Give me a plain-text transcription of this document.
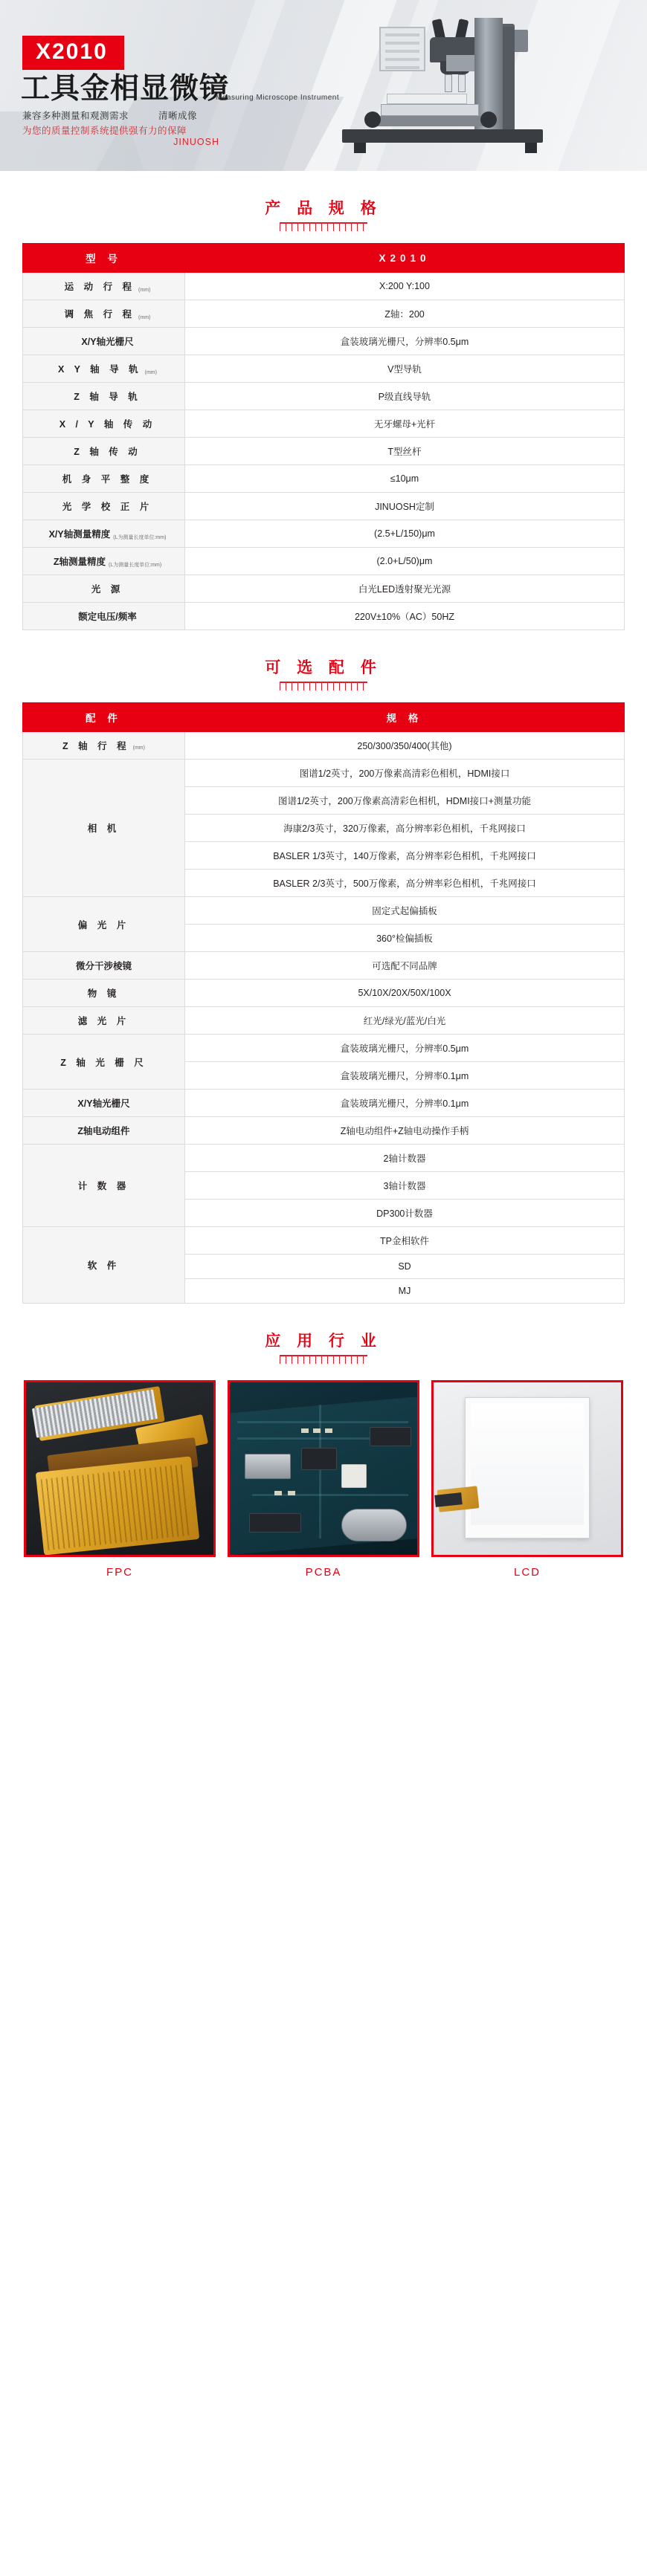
X2010
工具金相显微镜
Measuring Microscope Instrument
兼容多种测量和观测需求	清晰成像
为您的质量控制系统提供强有力的保障
JINUOSH
产 品 规 格
型 号	X2010
运 动 行 程 (mm)	X:200 Y:100
调 焦 行 程 (mm)	Z轴：200
X/Y轴光栅尺	盒装玻璃光栅尺，分辨率0.5μm
X Y 轴 导 轨 (mm)	V型导轨
Z 轴 导 轨	P级直线导轨
X / Y 轴 传 动	无牙螺母+光杆
Z 轴 传 动	T型丝杆
机 身 平 整 度	≤10μm
光 学 校 正 片	JINUOSH定制
X/Y轴测量精度 (L为测量长度单位:mm)	(2.5+L/150)μm
Z轴测量精度 (L为测量长度单位:mm)	(2.0+L/50)μm
光 源	白光LED透射聚光光源
额定电压/频率	220V±10%（AC）50HZ
可 选 配 件
配 件	规 格
Z 轴 行 程 (mm)	250/300/350/400(其他)
相 机	图谱1/2英寸，200万像素高清彩色相机，HDMI接口
	图谱1/2英寸，200万像素高清彩色相机，HDMI接口+测量功能
	海康2/3英寸，320万像素，高分辨率彩色相机，千兆网接口
	BASLER 1/3英寸，140万像素，高分辨率彩色相机，千兆网接口
	BASLER 2/3英寸，500万像素，高分辨率彩色相机，千兆网接口
偏 光 片	固定式起偏插板
	360°检偏插板
微分干涉棱镜	可选配不同品牌
物 镜	5X/10X/20X/50X/100X
滤 光 片	红光/绿光/蓝光/白光
Z 轴 光 栅 尺	盒装玻璃光栅尺，分辨率0.5μm
	盒装玻璃光栅尺，分辨率0.1μm
X/Y轴光栅尺	盒装玻璃光栅尺，分辨率0.1μm
Z轴电动组件	Z轴电动组件+Z轴电动操作手柄
计 数 器	2轴计数器
	3轴计数器
	DP300计数器
软 件	TP金相软件
	SD
	MJ
应 用 行 业
FPC	PCBA	LCD
